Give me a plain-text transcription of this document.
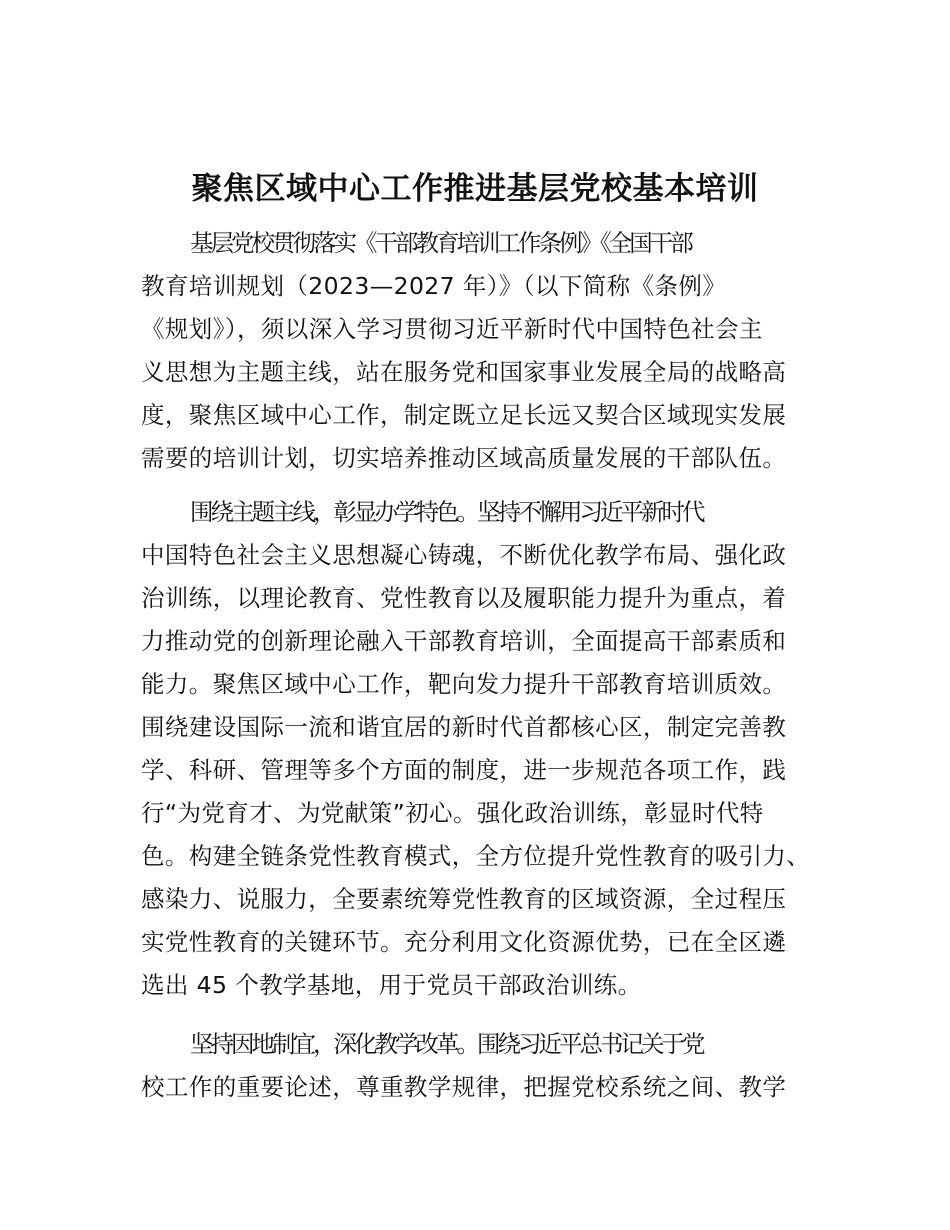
聚焦区域中心工作推进基层党校基本培训
基层党校贯彻落实《干部教育培训工作条例》《全国干部
教育培训规划（2023—2027 年）》（以下简称《条例》
《规划》），须以深入学习贯彻习近平新时代中国特色社会主
义思想为主题主线，站在服务党和国家事业发展全局的战略高
度，聚焦区域中心工作，制定既立足长远又契合区域现实发展
需要的培训计划，切实培养推动区域高质量发展的干部队伍。
围绕主题主线，彰显办学特色。坚持不懈用习近平新时代
中国特色社会主义思想凝心铸魂，不断优化教学布局、强化政
治训练，以理论教育、党性教育以及履职能力提升为重点，着
力推动党的创新理论融入干部教育培训，全面提高干部素质和
能力。聚焦区域中心工作，靶向发力提升干部教育培训质效。
围绕建设国际一流和谐宜居的新时代首都核心区，制定完善教
学、科研、管理等多个方面的制度，进一步规范各项工作，践
行“为党育才、为党献策”初心。强化政治训练，彰显时代特
色。构建全链条党性教育模式，全方位提升党性教育的吸引力、
感染力、说服力，全要素统筹党性教育的区域资源，全过程压
实党性教育的关键环节。充分利用文化资源优势，已在全区遴
选出 45 个教学基地，用于党员干部政治训练。
坚持因地制宜，深化教学改革。围绕习近平总书记关于党
校工作的重要论述，尊重教学规律，把握党校系统之间、教学
